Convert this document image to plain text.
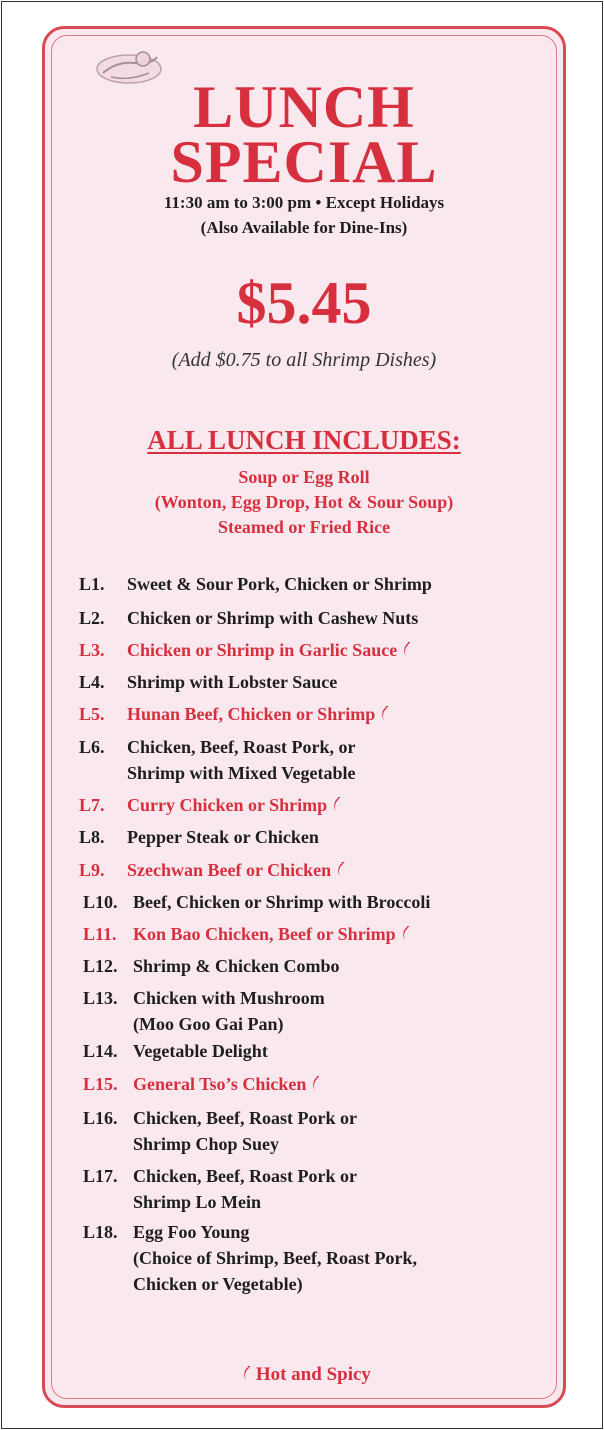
LUNCH
SPECIAL
11:30 am to 3:00 pm • Except Holidays
(Also Available for Dine-Ins)
$5.45
(Add $0.75 to all Shrimp Dishes)
ALL LUNCH INCLUDES:
Soup or Egg Roll
(Wonton, Egg Drop, Hot & Sour Soup)
Steamed or Fried Rice
L1. Sweet & Sour Pork, Chicken or Shrimp
L2. Chicken or Shrimp with Cashew Nuts
L3. Chicken or Shrimp in Garlic Sauce
L4. Shrimp with Lobster Sauce
L5. Hunan Beef, Chicken or Shrimp
L6. Chicken, Beef, Roast Pork, or
Shrimp with Mixed Vegetable
L7. Curry Chicken or Shrimp
L8. Pepper Steak or Chicken
L9. Szechwan Beef or Chicken
L10. Beef, Chicken or Shrimp with Broccoli
L11. Kon Bao Chicken, Beef or Shrimp
L12. Shrimp & Chicken Combo
L13. Chicken with Mushroom
(Moo Goo Gai Pan)
L14. Vegetable Delight
L15. General Tso’s Chicken
L16. Chicken, Beef, Roast Pork or
Shrimp Chop Suey
L17. Chicken, Beef, Roast Pork or
Shrimp Lo Mein
L18. Egg Foo Young
(Choice of Shrimp, Beef, Roast Pork,
Chicken or Vegetable)
Hot and Spicy
